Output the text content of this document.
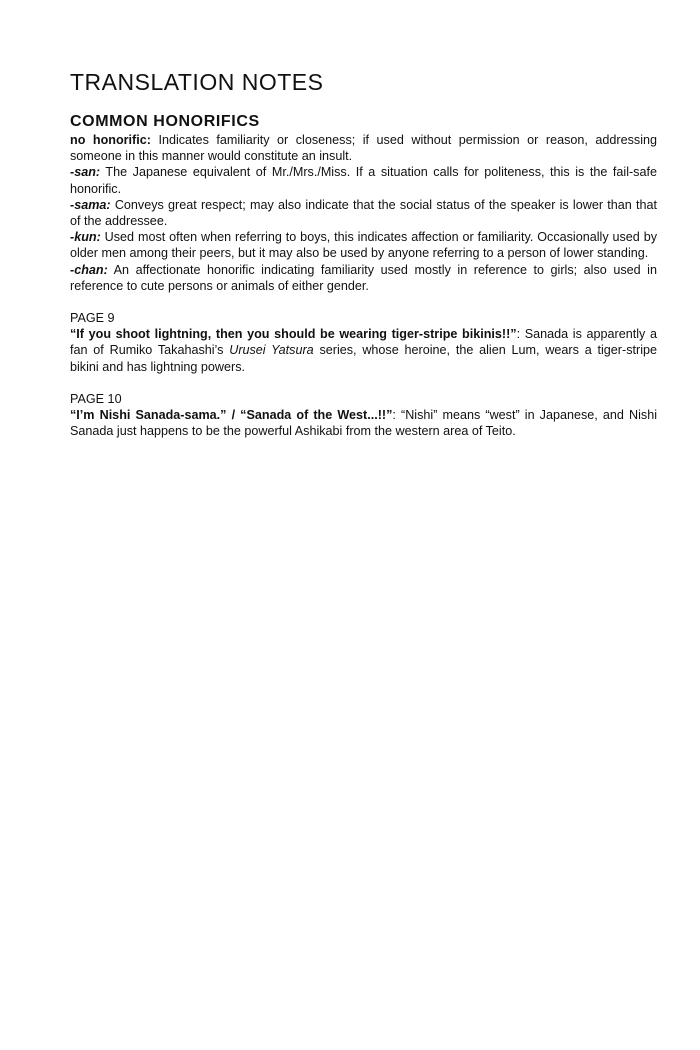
TRANSLATION NOTES
COMMON HONORIFICS

no honorific: Indicates familiarity or closeness; if used without permission or reason, addressing someone in this manner would constitute an insult.

-san: The Japanese equivalent of Mr./Mrs./Miss. If a situation calls for politeness, this is the fail-safe honorific.

-sama: Conveys great respect; may also indicate that the social status of the speaker is lower than that of the addressee.

-kun: Used most often when referring to boys, this indicates affection or familiarity. Occasionally used by older men among their peers, but it may also be used by anyone referring to a person of lower standing.

-chan: An affectionate honorific indicating familiarity used mostly in reference to girls; also used in reference to cute persons or animals of either gender.

PAGE 9

“If you shoot lightning, then you should be wearing tiger-stripe bikinis!!”: Sanada is apparently a fan of Rumiko Takahashi’s Urusei Yatsura series, whose heroine, the alien Lum, wears a tiger-stripe bikini and has lightning powers.

PAGE 10

“I’m Nishi Sanada-sama.” / “Sanada of the West...!!”: “Nishi” means “west” in Japanese, and Nishi Sanada just happens to be the powerful Ashikabi from the western area of Teito.
